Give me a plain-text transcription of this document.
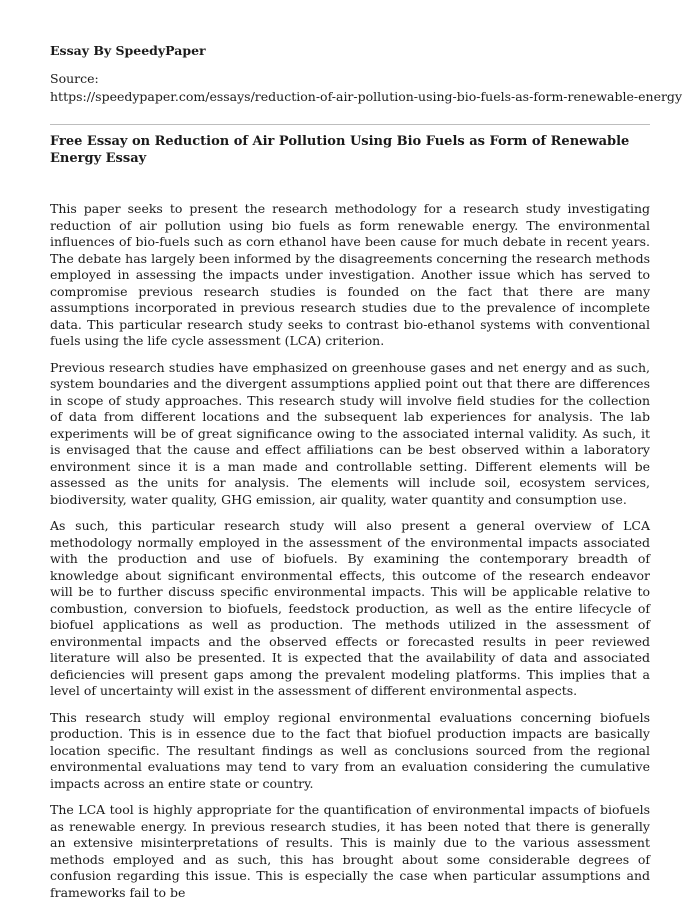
Essay By SpeedyPaper
Source:
https://speedypaper.com/essays/reduction-of-air-pollution-using-bio-fuels-as-form-renewable-energy
Free Essay on Reduction of Air Pollution Using Bio Fuels as Form of Renewable Energy Essay

This paper seeks to present the research methodology for a research study investigating reduction of air pollution using bio fuels as form renewable energy. The environmental influences of bio-fuels such as corn ethanol have been cause for much debate in recent years. The debate has largely been informed by the disagreements concerning the research methods employed in assessing the impacts under investigation. Another issue which has served to compromise previous research studies is founded on the fact that there are many assumptions incorporated in previous research studies due to the prevalence of incomplete data. This particular research study seeks to contrast bio-ethanol systems with conventional fuels using the life cycle assessment (LCA) criterion.

Previous research studies have emphasized on greenhouse gases and net energy and as such, system boundaries and the divergent assumptions applied point out that there are differences in scope of study approaches. This research study will involve field studies for the collection of data from different locations and the subsequent lab experiences for analysis. The lab experiments will be of great significance owing to the associated internal validity. As such, it is envisaged that the cause and effect affiliations can be best observed within a laboratory environment since it is a man made and controllable setting. Different elements will be assessed as the units for analysis. The elements will include soil, ecosystem services, biodiversity, water quality, GHG emission, air quality, water quantity and consumption use.

As such, this particular research study will also present a general overview of LCA methodology normally employed in the assessment of the environmental impacts associated with the production and use of biofuels. By examining the contemporary breadth of knowledge about significant environmental effects, this outcome of the research endeavor will be to further discuss specific environmental impacts. This will be applicable relative to combustion, conversion to biofuels, feedstock production, as well as the entire lifecycle of biofuel applications as well as production. The methods utilized in the assessment of environmental impacts and the observed effects or forecasted results in peer reviewed literature will also be presented. It is expected that the availability of data and associated deficiencies will present gaps among the prevalent modeling platforms. This implies that a level of uncertainty will exist in the assessment of different environmental aspects.

This research study will employ regional environmental evaluations concerning biofuels production. This is in essence due to the fact that biofuel production impacts are basically location specific. The resultant findings as well as conclusions sourced from the regional environmental evaluations may tend to vary from an evaluation considering the cumulative impacts across an entire state or country.

The LCA tool is highly appropriate for the quantification of environmental impacts of biofuels as renewable energy. In previous research studies, it has been noted that there is generally an extensive misinterpretations of results. This is mainly due to the various assessment methods employed and as such, this has brought about some considerable degrees of confusion regarding this issue. This is especially the case when particular assumptions and frameworks fail to be
